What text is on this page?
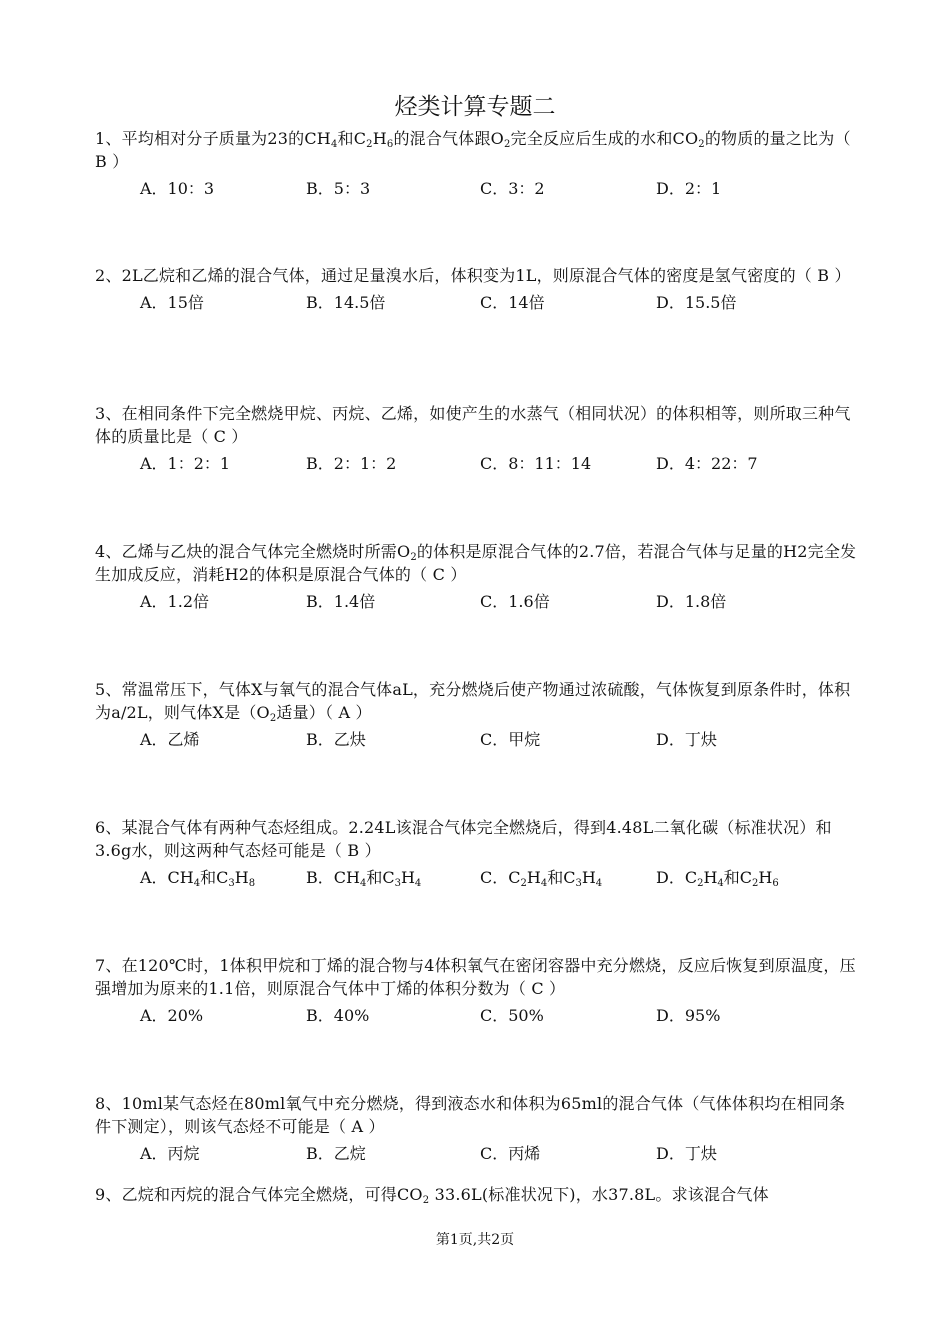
烃类计算专题二

1、平均相对分子质量为23的$CH_4$和$C_2H_6$的混合气体跟$O_2$完全反应后生成的水和$CO_2$的物质的量之比为（ B ）

A．10：3	B．5：3	C．3：2	D．2：1

2、2L乙烷和乙烯的混合气体，通过足量溴水后，体积变为1L，则原混合气体的密度是氢气密度的（ B ）

A．15倍	B．14.5倍	C．14倍	D．15.5倍

3、在相同条件下完全燃烧甲烷、丙烷、乙烯，如使产生的水蒸气（相同状况）的体积相等，则所取三种气体的质量比是（ C ）

A．1：2：1	B．2：1：2	C．8：11：14	D．4：22：7

4、乙烯与乙炔的混合气体完全燃烧时所需$O_2$的体积是原混合气体的2.7倍，若混合气体与足量的H2完全发生加成反应，消耗H2的体积是原混合气体的（ C ）

A．1.2倍	B．1.4倍	C．1.6倍	D．1.8倍

5、常温常压下，气体X与氧气的混合气体aL，充分燃烧后使产物通过浓硫酸，气体恢复到原条件时，体积为a/2L，则气体X是（$O_2$适量）（ A ）

A．乙烯	B．乙炔	C．甲烷	D．丁炔

6、某混合气体有两种气态烃组成。2.24L该混合气体完全燃烧后，得到4.48L二氧化碳（标准状况）和3.6g水，则这两种气态烃可能是（ B ）

A．$CH_4$和$C_3H_8$	B．$CH_4$和$C_3H_4$	C．$C_2H_4$和$C_3H_4$	D．$C_2H_4$和$C_2H_6$

7、在120℃时，1体积甲烷和丁烯的混合物与4体积氧气在密闭容器中充分燃烧，反应后恢复到原温度，压强增加为原来的1.1倍，则原混合气体中丁烯的体积分数为（ C ）

A．20%	B．40%	C．50%	D．95%

8、10ml某气态烃在80ml氧气中充分燃烧，得到液态水和体积为65ml的混合气体（气体体积均在相同条件下测定），则该气态烃不可能是（ A ）

A．丙烷	B．乙烷	C．丙烯	D．丁炔

9、乙烷和丙烷的混合气体完全燃烧，可得$CO_2$ 33.6L(标准状况下)，水37.8L。求该混合气体

第1页,共2页
